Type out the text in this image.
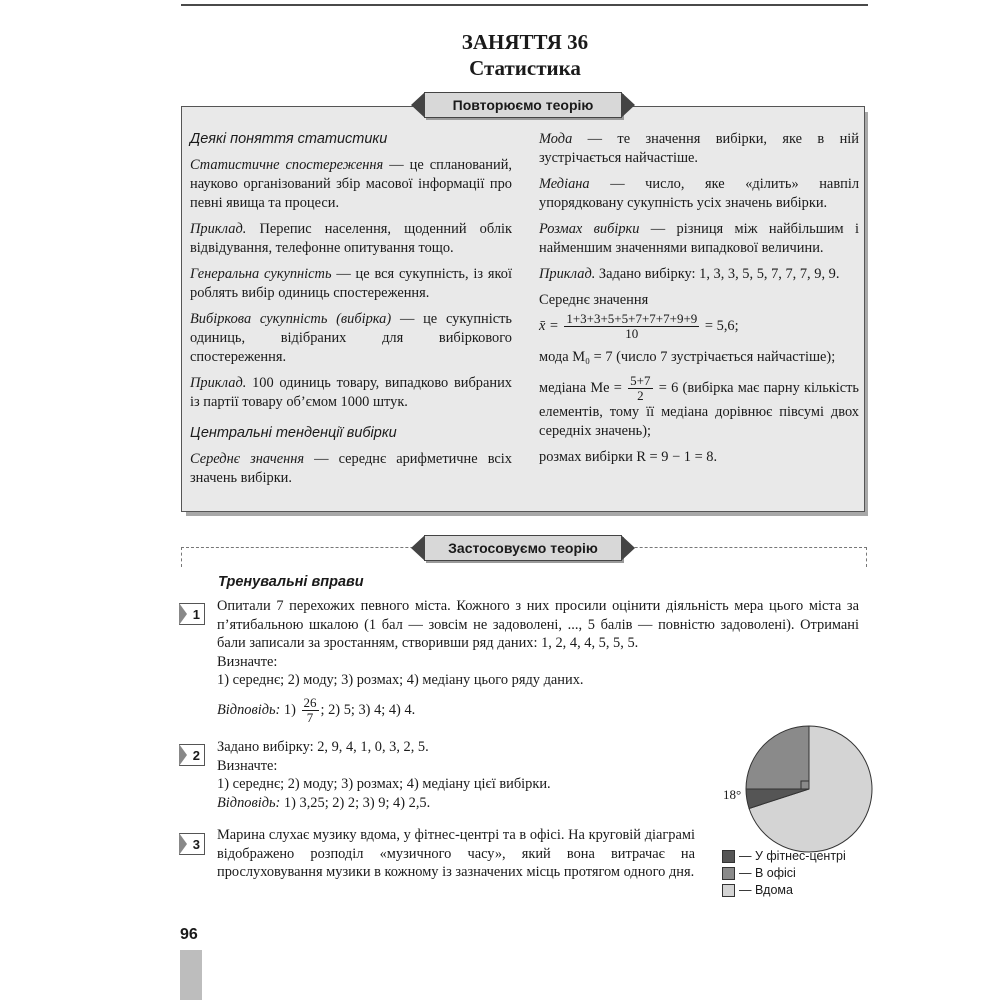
ЗАНЯТТЯ 36
Статистика
Повторюємо теорію

Деякі поняття статистики

Статистичне спостереження — це спланований, науково організований збір масової інформації про певні явища та процеси.

Приклад. Перепис населення, щоденний облік відвідування, телефонне опитування тощо.

Генеральна сукупність — це вся сукупність, із якої роблять вибір одиниць спостереження.

Вибіркова сукупність (вибірка) — це сукупність одиниць, відібраних для вибіркового спостереження.

Приклад. 100 одиниць товару, випадково вибраних із партії товару об’ємом 1000 штук.

Центральні тенденції вибірки

Середнє значення — середнє арифметичне всіх значень вибірки.

Мода — те значення вибірки, яке в ній зустрічається найчастіше.

Медіана — число, яке «ділить» навпіл упорядковану сукупність усіх значень вибірки.

Розмах вибірки — різниця між найбільшим і найменшим значеннями випадкової величини.

Приклад. Задано вибірку: 1, 3, 3, 5, 5, 7, 7, 7, 9, 9.

Середнє значення

x̄ = $\frac{1+3+3+5+5+7+7+7+9+9}{10} = 5,6$;

мода M₀ = 7 (число 7 зустрічається найчастіше);

медіана $Me = \frac{5+7}{2} = 6$ (вибірка має парну кількість елементів, тому її медіана дорівнює півсумі двох середніх значень);

розмах вибірки R = 9 − 1 = 8.

Застосовуємо теорію
Тренувальні вправи
1

Опитали 7 перехожих певного міста. Кожного з них просили оцінити діяльність мера цього міста за п’ятибальною шкалою (1 бал — зовсім не задоволені, ..., 5 балів — повністю задоволені). Отримані бали записали за зростанням, створивши ряд даних: 1, 2, 4, 4, 5, 5, 5.

Визначте:

1) середнє; 2) моду; 3) розмах; 4) медіану цього ряду даних.

Відповідь: $1) \frac{26}{7}$ ; 2) 5; 3) 4; 4) 4.

2

Задано вибірку: 2, 9, 4, 1, 0, 3, 2, 5.

Визначте:

1) середнє; 2) моду; 3) розмах; 4) медіану цієї вибірки.

Відповідь: 1) 3,25; 2) 2; 3) 9; 4) 2,5.

3

Марина слухає музику вдома, у фітнес-центрі та в офісі. На круговій діаграмі відображено розподіл «музичного часу», який вона витрачає на прослуховування музики в кожному із зазначених місць протягом одного дня.

18°
— У фітнес-центрі
— В офісі
— Вдома
96
